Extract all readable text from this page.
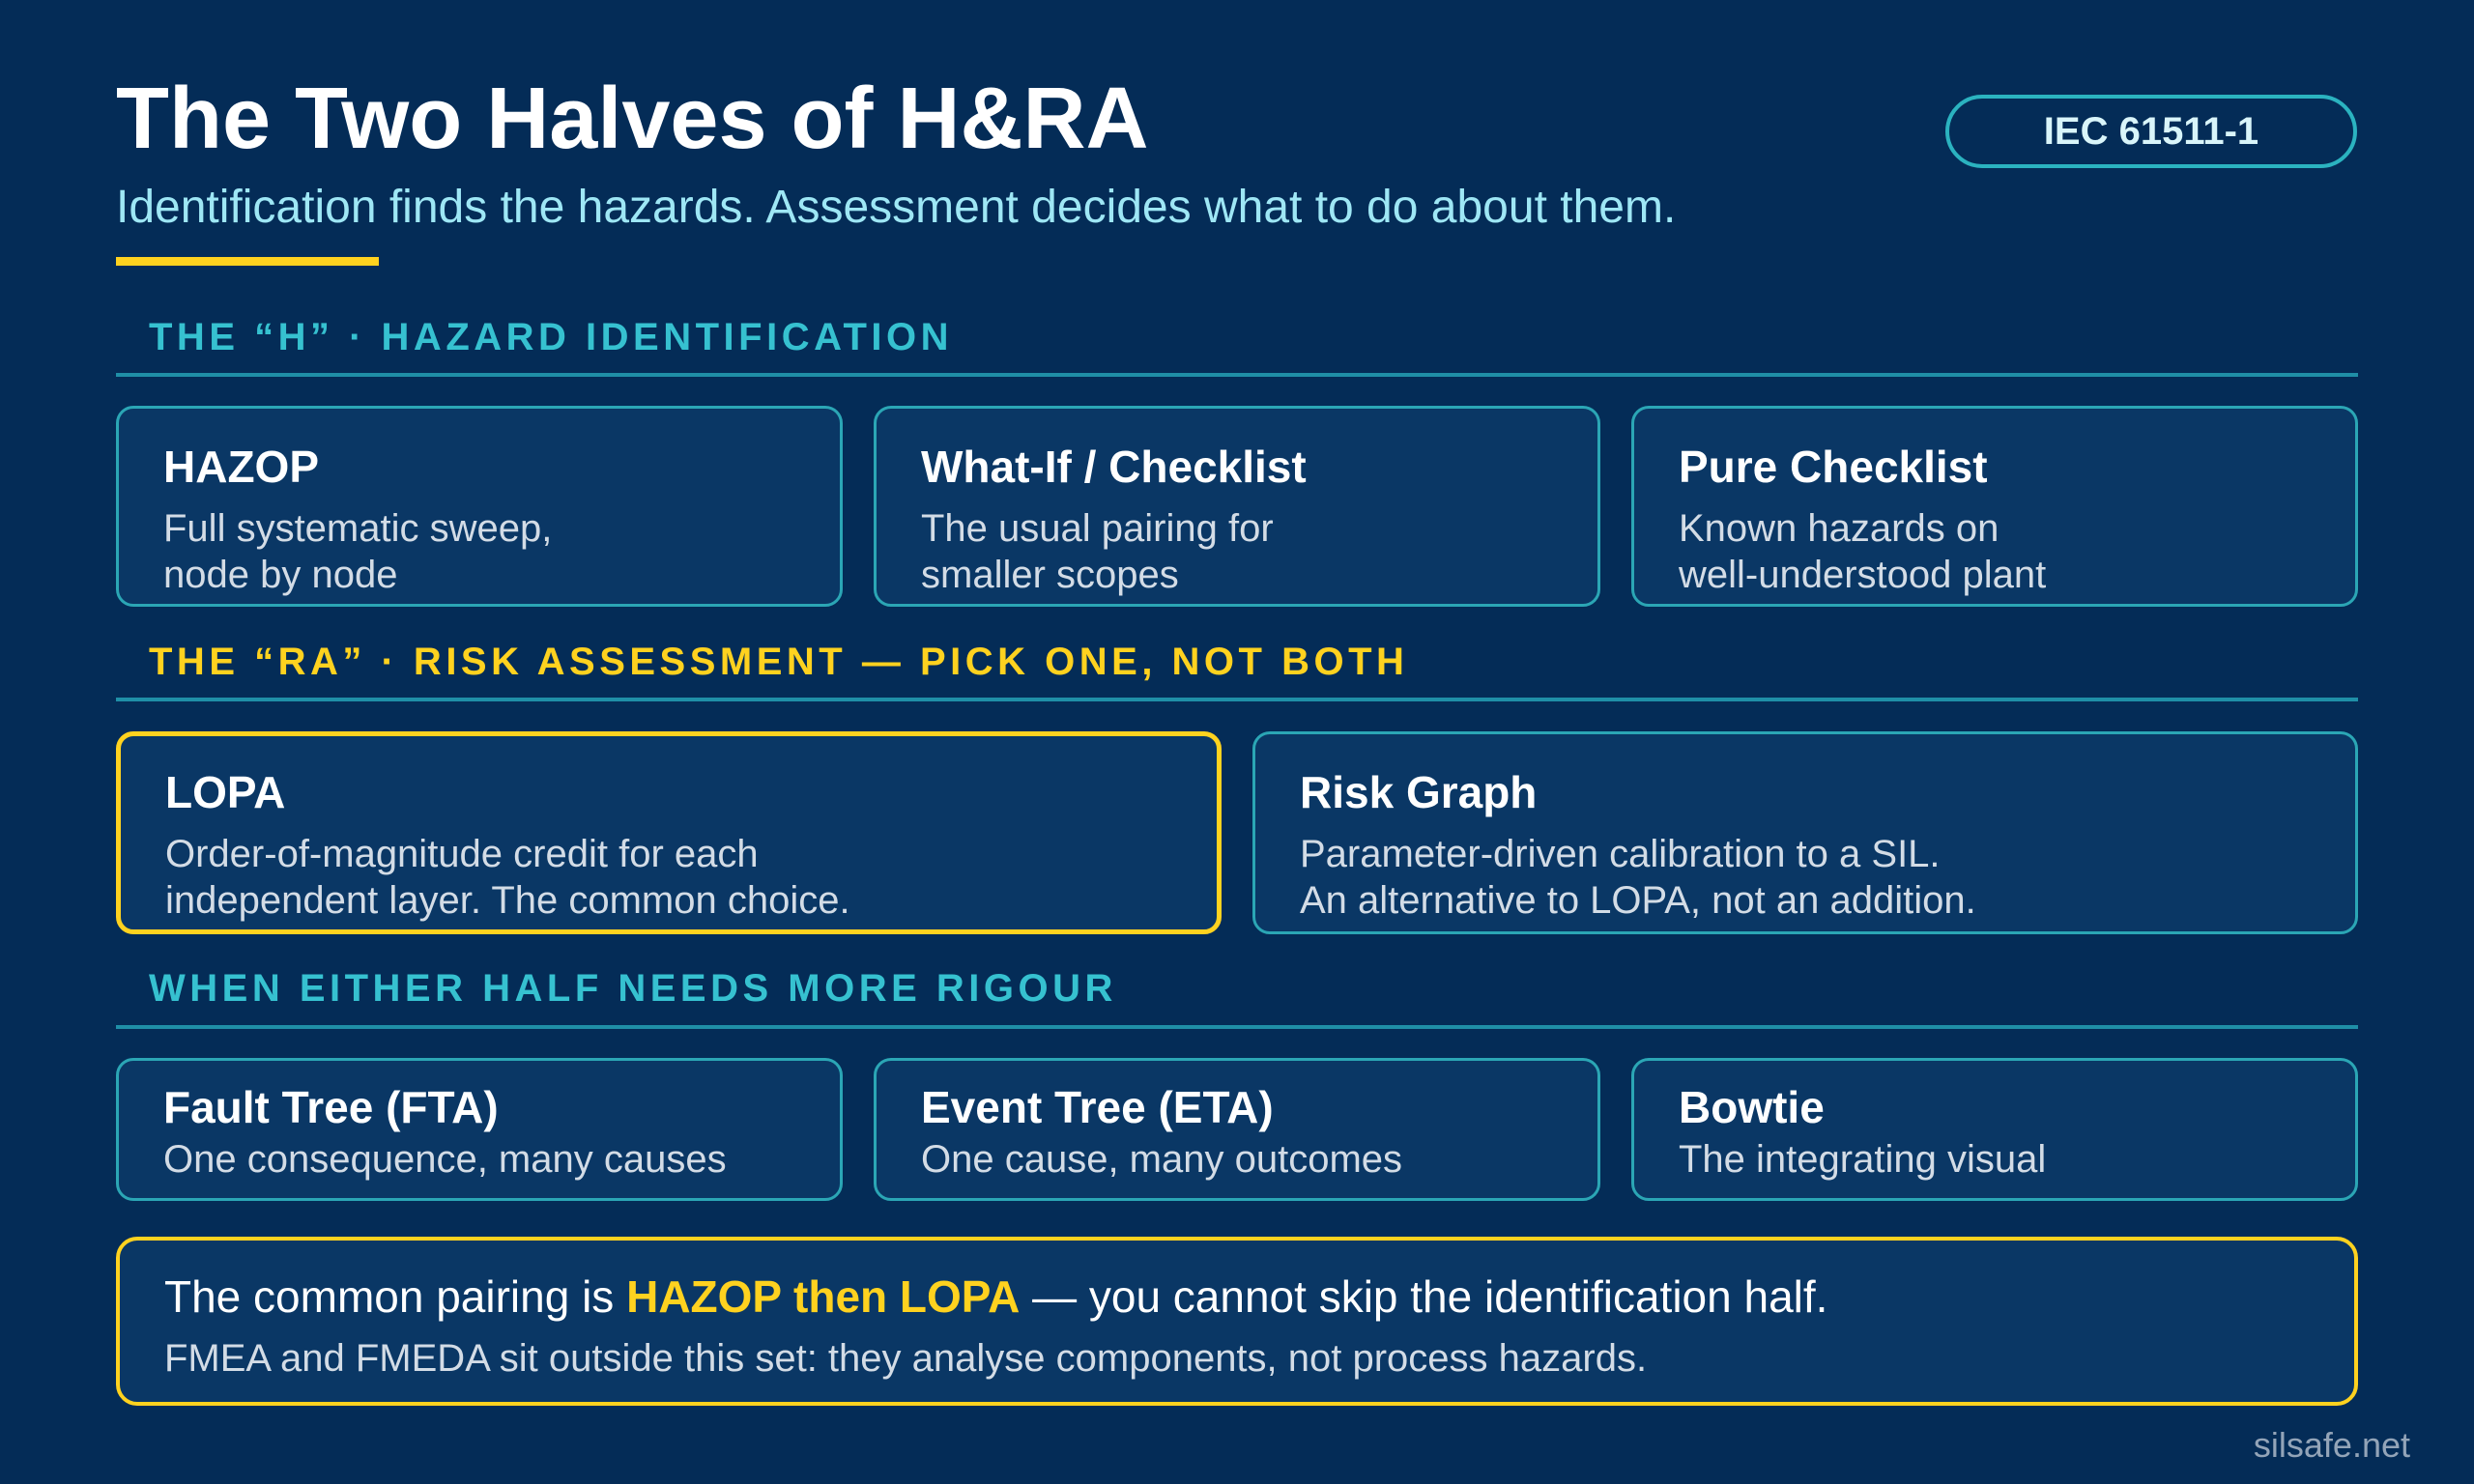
The Two Halves of H&RA
Identification finds the hazards. Assessment decides what to do about them.
IEC 61511-1
THE “H” · HAZARD IDENTIFICATION
HAZOP
Full systematic sweep,
node by node
What-If / Checklist
The usual pairing for
smaller scopes
Pure Checklist
Known hazards on
well-understood plant
THE “RA” · RISK ASSESSMENT — PICK ONE, NOT BOTH
LOPA
Order-of-magnitude credit for each
independent layer. The common choice.
Risk Graph
Parameter-driven calibration to a SIL.
An alternative to LOPA, not an addition.
WHEN EITHER HALF NEEDS MORE RIGOUR
Fault Tree (FTA)
One consequence, many causes
Event Tree (ETA)
One cause, many outcomes
Bowtie
The integrating visual
The common pairing is HAZOP then LOPA — you cannot skip the identification half.
FMEA and FMEDA sit outside this set: they analyse components, not process hazards.
silsafe.net
